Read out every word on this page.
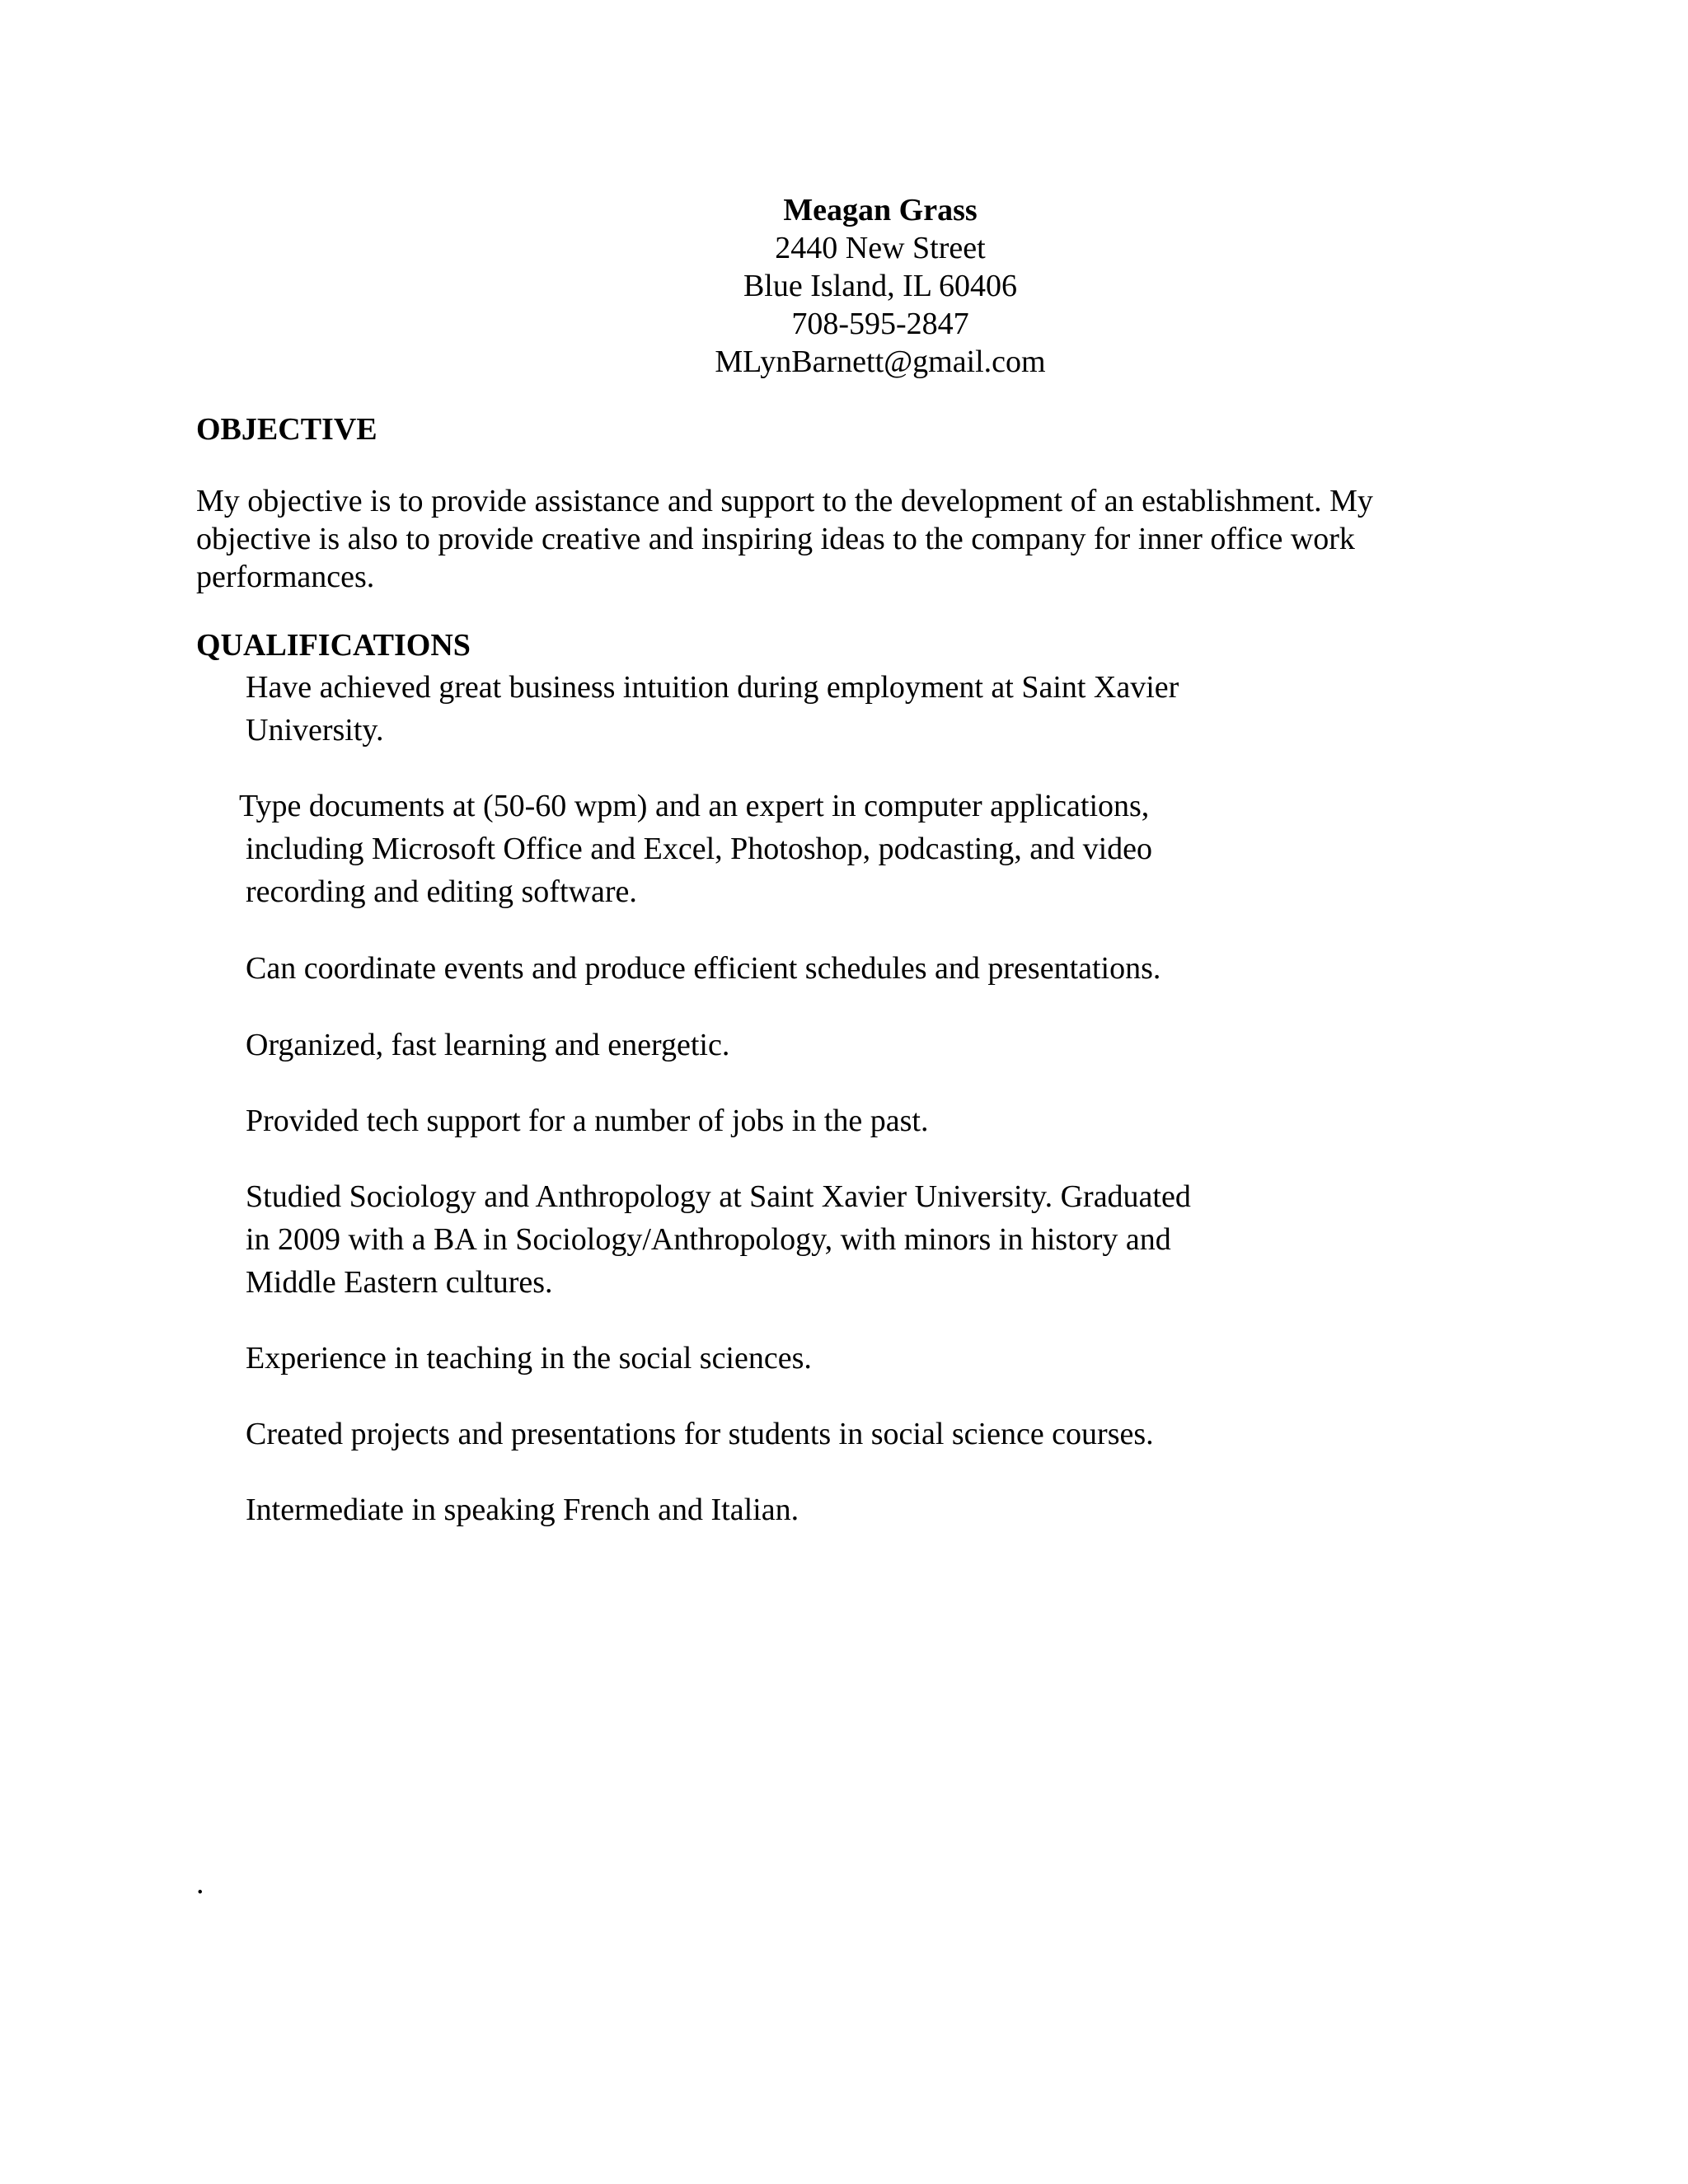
Meagan Grass
2440 New Street
Blue Island, IL 60406
708-595-2847
MLynBarnett@gmail.com
OBJECTIVE

My objective is to provide assistance and support to the development of an establishment. My
objective is also to provide creative and inspiring ideas to the company for inner office work
performances.

QUALIFICATIONS
Have achieved great business intuition during employment at Saint Xavier
University.
Type documents at (50-60 wpm) and an expert in computer applications,
including Microsoft Office and Excel, Photoshop, podcasting, and video
recording and editing software.
Can coordinate events and produce efficient schedules and presentations.
Organized, fast learning and energetic.
Provided tech support for a number of jobs in the past.
Studied Sociology and Anthropology at Saint Xavier University. Graduated
in 2009 with a BA in Sociology/Anthropology, with minors in history and
Middle Eastern cultures.
Experience in teaching in the social sciences.
Created projects and presentations for students in social science courses.
Intermediate in speaking French and Italian.
.
